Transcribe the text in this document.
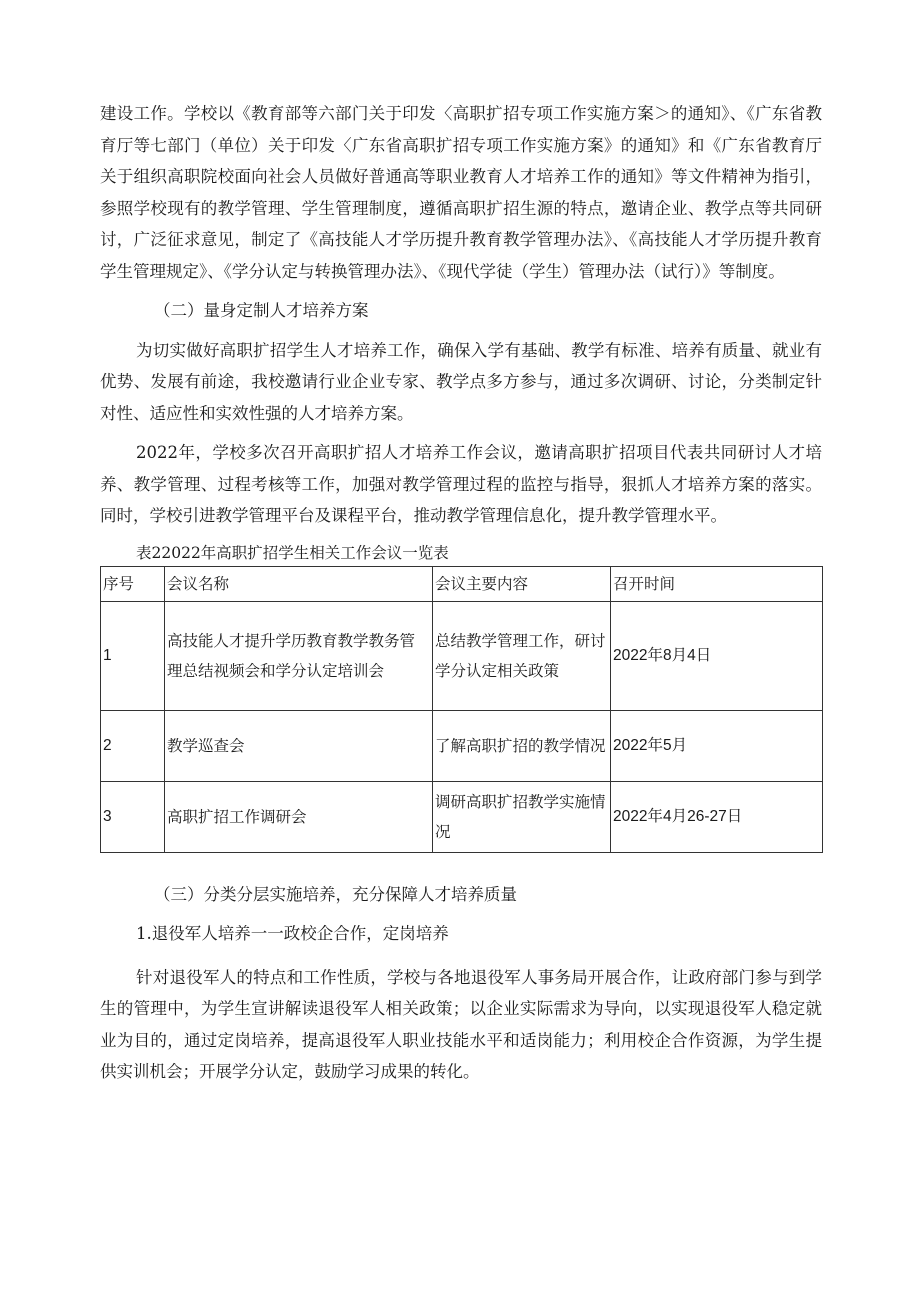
建设工作。学校以《教育部等六部门关于印发〈高职扩招专项工作实施方案＞的通知》、《广东省教育厅等七部门（单位）关于印发〈广东省高职扩招专项工作实施方案》的通知》和《广东省教育厅关于组织高职院校面向社会人员做好普通高等职业教育人才培养工作的通知》等文件精神为指引，参照学校现有的教学管理、学生管理制度，遵循高职扩招生源的特点，邀请企业、教学点等共同研讨，广泛征求意见，制定了《高技能人才学历提升教育教学管理办法》、《高技能人才学历提升教育学生管理规定》、《学分认定与转换管理办法》、《现代学徒（学生）管理办法（试行）》等制度。

（二）量身定制人才培养方案

为切实做好高职扩招学生人才培养工作，确保入学有基础、教学有标准、培养有质量、就业有优势、发展有前途，我校邀请行业企业专家、教学点多方参与，通过多次调研、讨论，分类制定针对性、适应性和实效性强的人才培养方案。

2022年，学校多次召开高职扩招人才培养工作会议，邀请高职扩招项目代表共同研讨人才培养、教学管理、过程考核等工作，加强对教学管理过程的监控与指导，狠抓人才培养方案的落实。同时，学校引进教学管理平台及课程平台，推动教学管理信息化，提升教学管理水平。

表22022年高职扩招学生相关工作会议一览表

序号	会议名称	会议主要内容	召开时间
1	高技能人才提升学历教育教学教务管理总结视频会和学分认定培训会	总结教学管理工作，研讨学分认定相关政策	2022年8月4日
2	教学巡查会	了解高职扩招的教学情况	2022年5月
3	高职扩招工作调研会	调研高职扩招教学实施情况	2022年4月26-27日

（三）分类分层实施培养，充分保障人才培养质量

1.退役军人培养一一政校企合作，定岗培养

针对退役军人的特点和工作性质，学校与各地退役军人事务局开展合作，让政府部门参与到学生的管理中，为学生宣讲解读退役军人相关政策；以企业实际需求为导向，以实现退役军人稳定就业为目的，通过定岗培养，提高退役军人职业技能水平和适岗能力；利用校企合作资源，为学生提供实训机会；开展学分认定，鼓励学习成果的转化。
